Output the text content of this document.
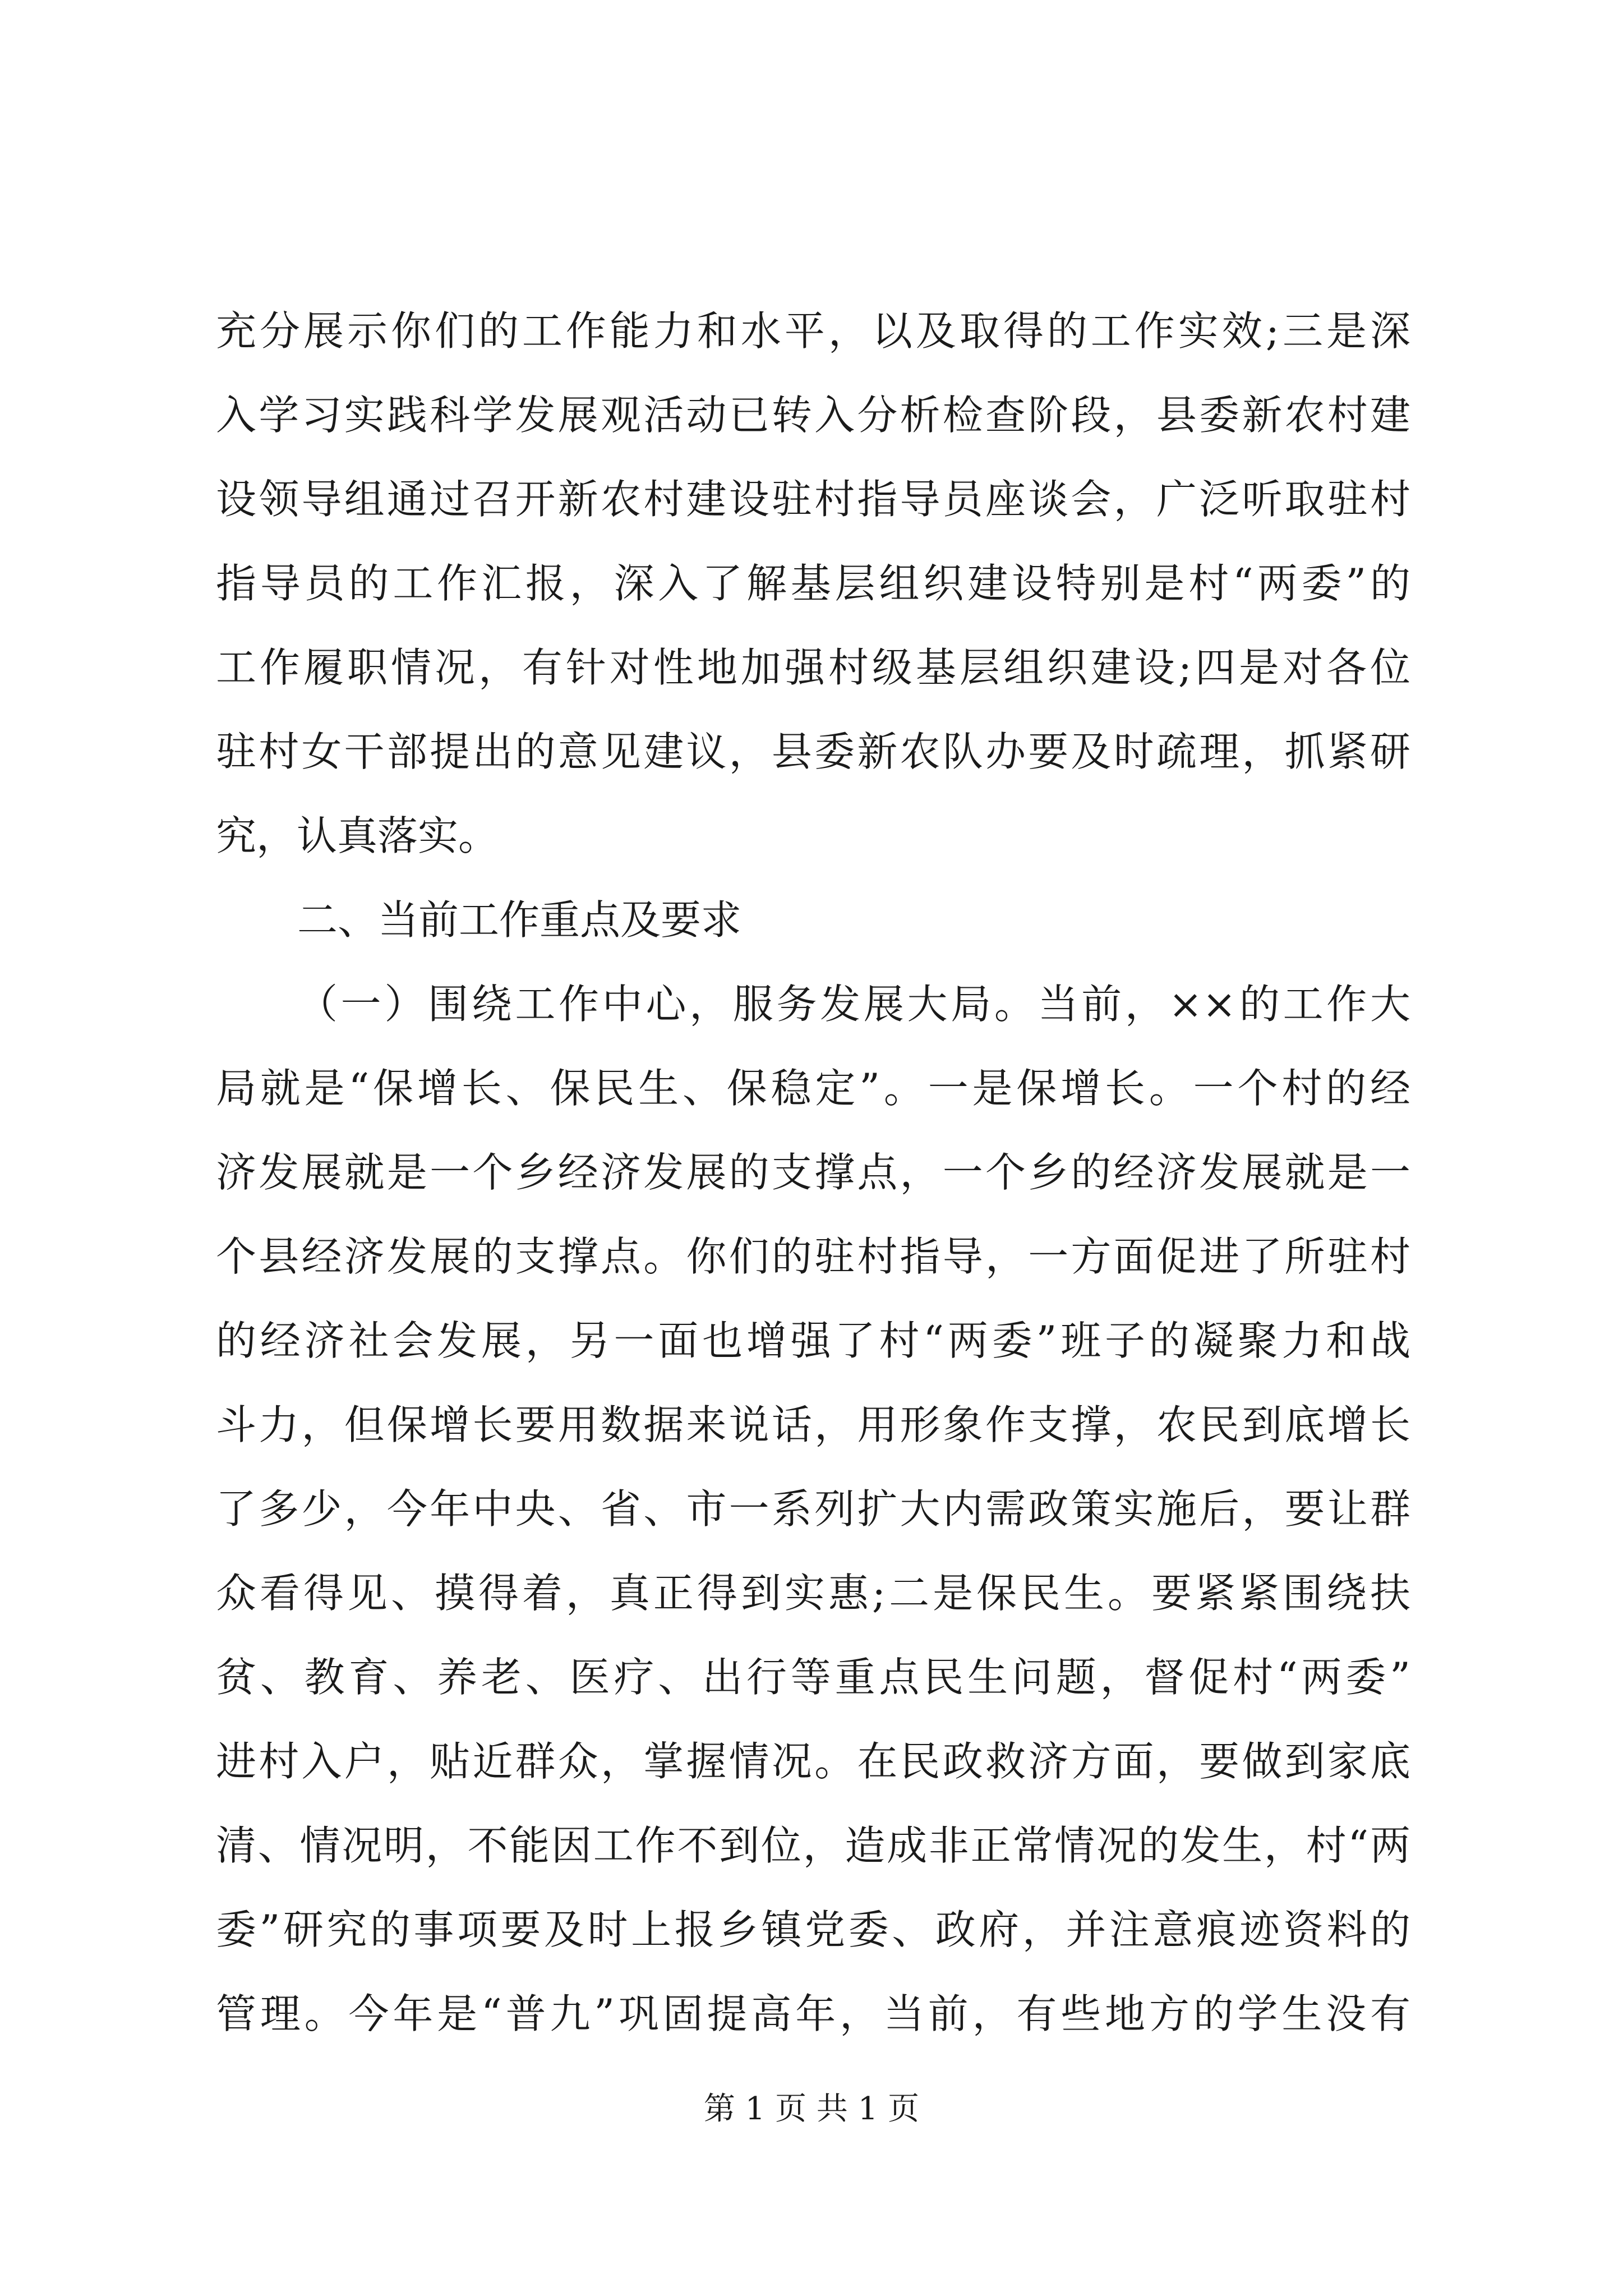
充分展示你们的工作能力和水平，以及取得的工作实效;三是深
入学习实践科学发展观活动已转入分析检查阶段，县委新农村建
设领导组通过召开新农村建设驻村指导员座谈会，广泛听取驻村
指导员的工作汇报，深入了解基层组织建设特别是村“两委”的
工作履职情况，有针对性地加强村级基层组织建设;四是对各位
驻村女干部提出的意见建议，县委新农队办要及时疏理，抓紧研
究，认真落实。
二、当前工作重点及要求
（一）围绕工作中心，服务发展大局。当前，××的工作大
局就是“保增长、保民生、保稳定”。一是保增长。一个村的经
济发展就是一个乡经济发展的支撑点，一个乡的经济发展就是一
个县经济发展的支撑点。你们的驻村指导，一方面促进了所驻村
的经济社会发展，另一面也增强了村“两委”班子的凝聚力和战
斗力，但保增长要用数据来说话，用形象作支撑，农民到底增长
了多少，今年中央、省、市一系列扩大内需政策实施后，要让群
众看得见、摸得着，真正得到实惠;二是保民生。要紧紧围绕扶
贫、教育、养老、医疗、出行等重点民生问题，督促村“两委”
进村入户，贴近群众，掌握情况。在民政救济方面，要做到家底
清、情况明，不能因工作不到位，造成非正常情况的发生，村“两
委”研究的事项要及时上报乡镇党委、政府，并注意痕迹资料的
管理。今年是“普九”巩固提高年，当前，有些地方的学生没有
第 1 页 共 1 页
